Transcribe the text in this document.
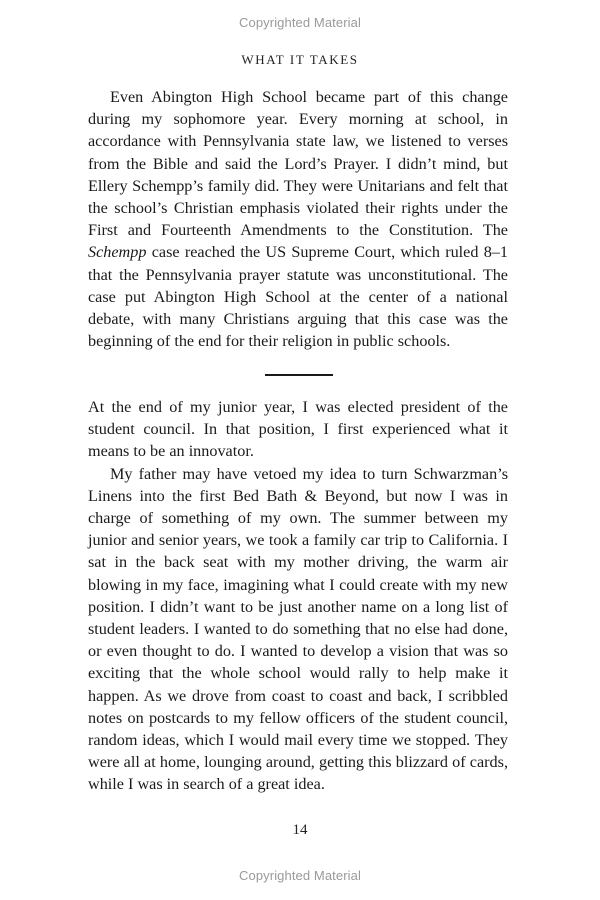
Copyrighted Material
WHAT IT TAKES

Even Abington High School became part of this change during my sophomore year. Every morning at school, in accordance with Pennsylvania state law, we listened to verses from the Bible and said the Lord’s Prayer. I didn’t mind, but Ellery Schempp’s family did. They were Unitarians and felt that the school’s Christian emphasis violated their rights under the First and Fourteenth Amendments to the Constitution. The Schempp case reached the US Supreme Court, which ruled 8–1 that the Pennsylvania prayer statute was unconstitutional. The case put Abington High School at the center of a national debate, with many Christians arguing that this case was the beginning of the end for their religion in public schools.

At the end of my junior year, I was elected president of the student council. In that position, I first experienced what it means to be an innovator.

My father may have vetoed my idea to turn Schwarzman’s Linens into the first Bed Bath & Beyond, but now I was in charge of something of my own. The summer between my junior and senior years, we took a family car trip to California. I sat in the back seat with my mother driving, the warm air blowing in my face, imagining what I could create with my new position. I didn’t want to be just another name on a long list of student leaders. I wanted to do something that no else had done, or even thought to do. I wanted to develop a vision that was so exciting that the whole school would rally to help make it happen. As we drove from coast to coast and back, I scribbled notes on postcards to my fellow officers of the student council, random ideas, which I would mail every time we stopped. They were all at home, lounging around, getting this blizzard of cards, while I was in search of a great idea.

14
Copyrighted Material
